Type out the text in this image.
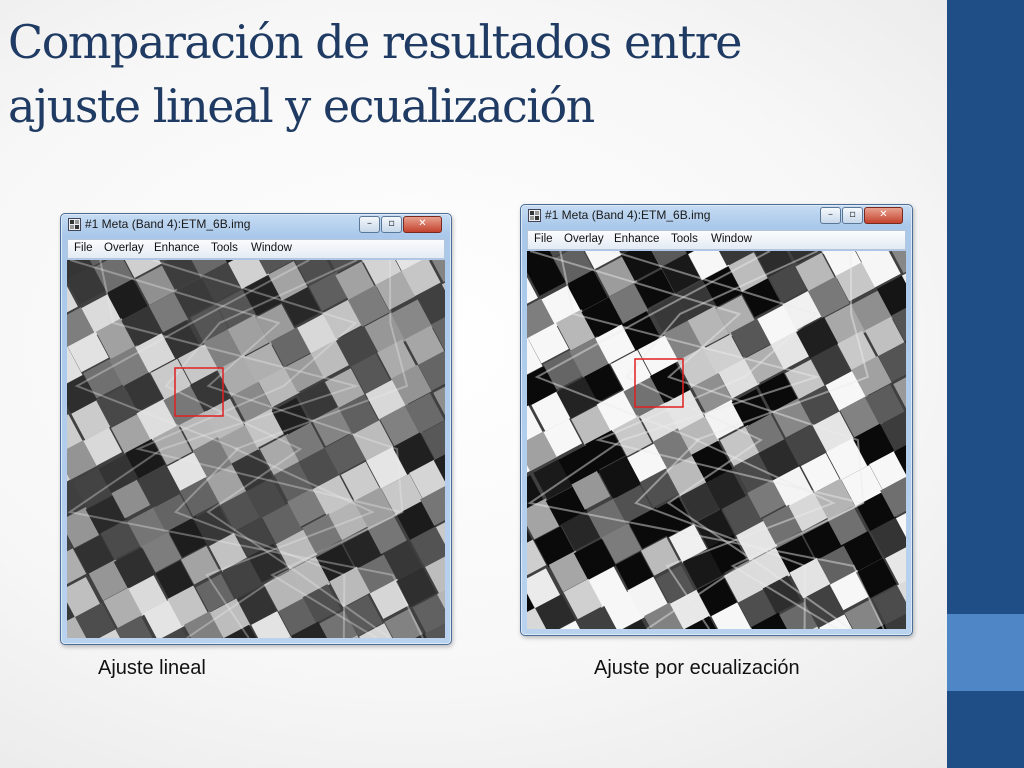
Comparación de resultados entre
ajuste lineal y ecualización
#1 Meta (Band 4):ETM_6B.img	–	▫	✕
File Overlay Enhance Tools Window
#1 Meta (Band 4):ETM_6B.img	–	▫	✕
File Overlay Enhance Tools Window
Ajuste lineal	Ajuste por ecualización
